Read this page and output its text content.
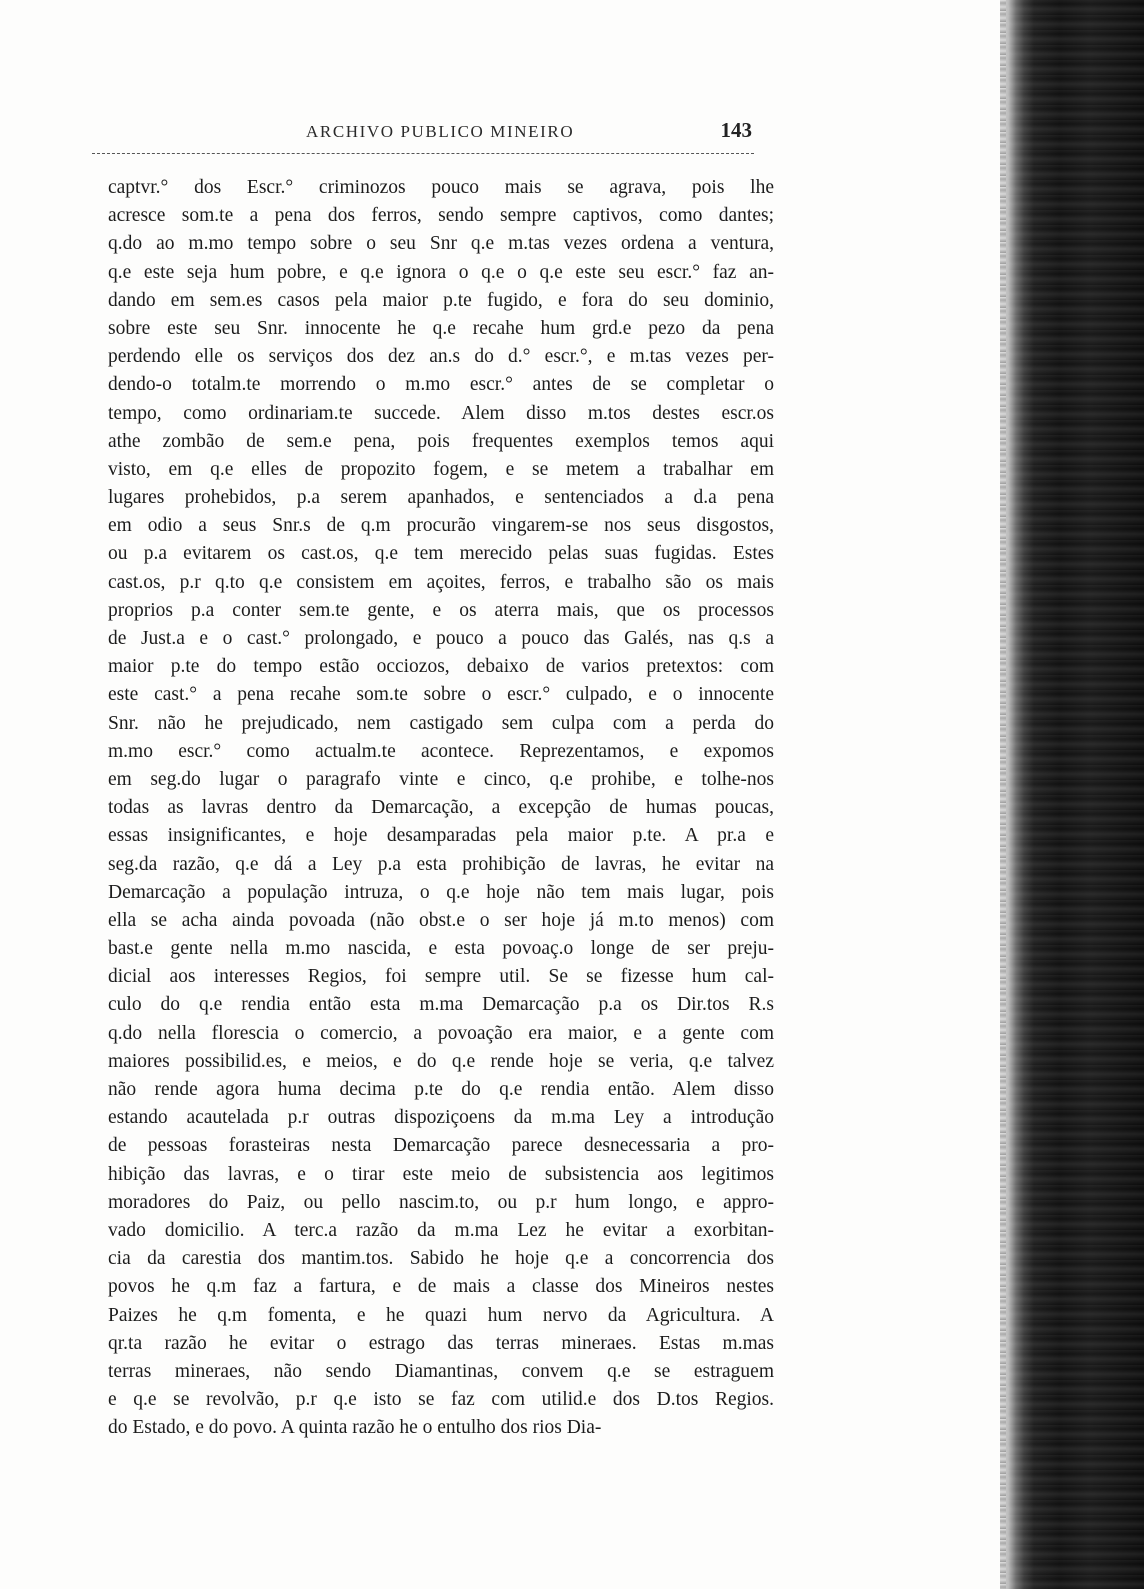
ARCHIVO PUBLICO MINEIRO	143
captvr.° dos Escr.° criminozos pouco mais se agrava, pois lhe
acresce som.te a pena dos ferros, sendo sempre captivos, como dantes;
q.do ao m.mo tempo sobre o seu Snr q.e m.tas vezes ordena a ventura,
q.e este seja hum pobre, e q.e ignora o q.e o q.e este seu escr.° faz an-
dando em sem.es casos pela maior p.te fugido, e fora do seu dominio,
sobre este seu Snr. innocente he q.e recahe hum grd.e pezo da pena
perdendo elle os serviços dos dez an.s do d.° escr.°, e m.tas vezes per-
dendo-o totalm.te morrendo o m.mo escr.° antes de se completar o
tempo, como ordinariam.te succede. Alem disso m.tos destes escr.os
athe zombão de sem.e pena, pois frequentes exemplos temos aqui
visto, em q.e elles de propozito fogem, e se metem a trabalhar em
lugares prohebidos, p.a serem apanhados, e sentenciados a d.a pena
em odio a seus Snr.s de q.m procurão vingarem-se nos seus disgostos,
ou p.a evitarem os cast.os, q.e tem merecido pelas suas fugidas. Estes
cast.os, p.r q.to q.e consistem em açoites, ferros, e trabalho são os mais
proprios p.a conter sem.te gente, e os aterra mais, que os processos
de Just.a e o cast.° prolongado, e pouco a pouco das Galés, nas q.s a
maior p.te do tempo estão occiozos, debaixo de varios pretextos: com
este cast.° a pena recahe som.te sobre o escr.° culpado, e o innocente
Snr. não he prejudicado, nem castigado sem culpa com a perda do
m.mo escr.° como actualm.te acontece. Reprezentamos, e expomos
em seg.do lugar o paragrafo vinte e cinco, q.e prohibe, e tolhe-nos
todas as lavras dentro da Demarcação, a excepção de humas poucas,
essas insignificantes, e hoje desamparadas pela maior p.te. A pr.a e
seg.da razão, q.e dá a Ley p.a esta prohibição de lavras, he evitar na
Demarcação a população intruza, o q.e hoje não tem mais lugar, pois
ella se acha ainda povoada (não obst.e o ser hoje já m.to menos) com
bast.e gente nella m.mo nascida, e esta povoaç.o longe de ser preju-
dicial aos interesses Regios, foi sempre util. Se se fizesse hum cal-
culo do q.e rendia então esta m.ma Demarcação p.a os Dir.tos R.s
q.do nella floresciа o comercio, a povoação era maior, e a gente com
maiores possibilid.es, e meios, e do q.e rende hoje se veria, q.e talvez
não rende agora huma decima p.te do q.e rendia então. Alem disso
estando acautelada p.r outras dispoziçoens da m.ma Ley a introdução
de pessoas forasteiras nesta Demarcação parece desnecessaria a pro-
hibição das lavras, e o tirar este meio de subsistencia aos legitimos
moradores do Paiz, ou pello nascim.to, ou p.r hum longo, e appro-
vado domicilio. A terc.a razão da m.ma Lez he evitar a exorbitan-
cia da carestia dos mantim.tos. Sabido he hoje q.e a concorrencia dos
povos he q.m faz a fartura, e de mais a classe dos Mineiros nestes
Paizes he q.m fomenta, e he quazi hum nervo da Agricultura. A
qr.ta razão he evitar o estrago das terras mineraes. Estas m.mas
terras mineraes, não sendo Diamantinas, convem q.e se estraguem
e q.e se revolvão, p.r q.e isto se faz com utilid.e dos D.tos Regios.
do Estado, e do povo. A quinta razão he o entulho dos rios Dia-
